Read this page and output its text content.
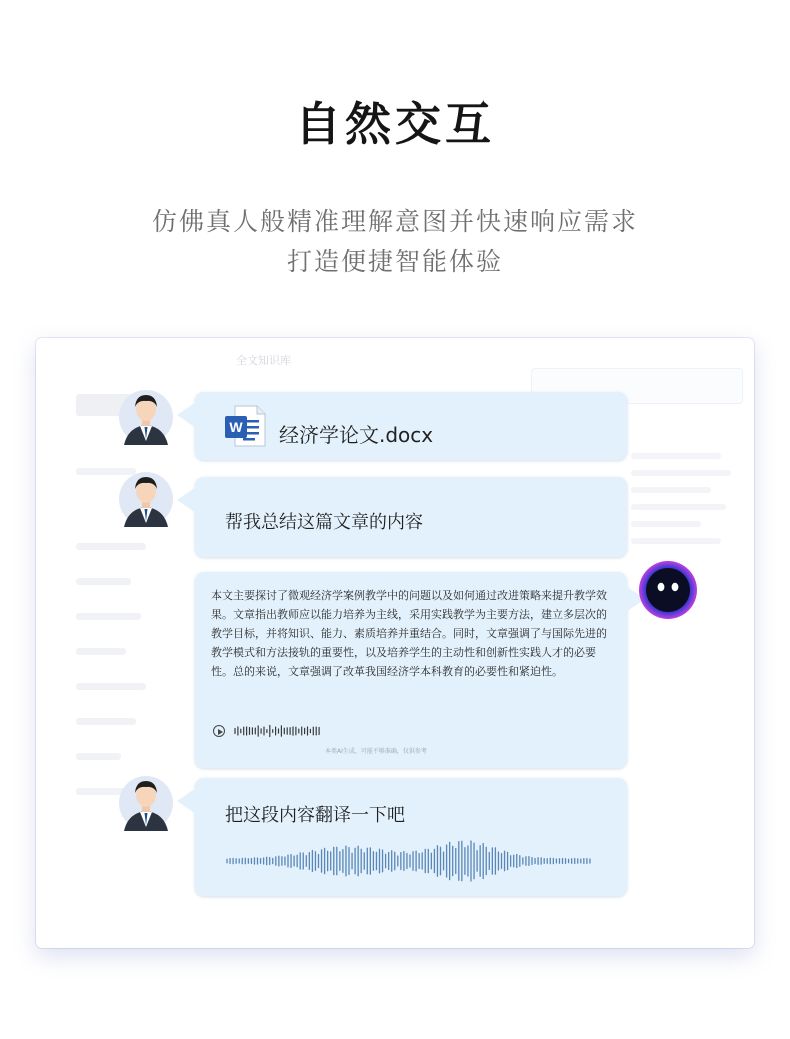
自然交互
仿佛真人般精准理解意图并快速响应需求
打造便捷智能体验
全文知识库
W 经济学论文.docx
帮我总结这篇文章的内容
本文主要探讨了微观经济学案例教学中的问题以及如何通过改进策略来提升教学效果。文章指出教师应以能力培养为主线，采用实践教学为主要方法，建立多层次的教学目标，并将知识、能力、素质培养并重结合。同时，文章强调了与国际先进的教学模式和方法接轨的重要性，以及培养学生的主动性和创新性实践人才的必要性。总的来说，文章强调了改革我国经济学本科教育的必要性和紧迫性。
本类AI生成，可能不够准确，仅供参考
把这段内容翻译一下吧
